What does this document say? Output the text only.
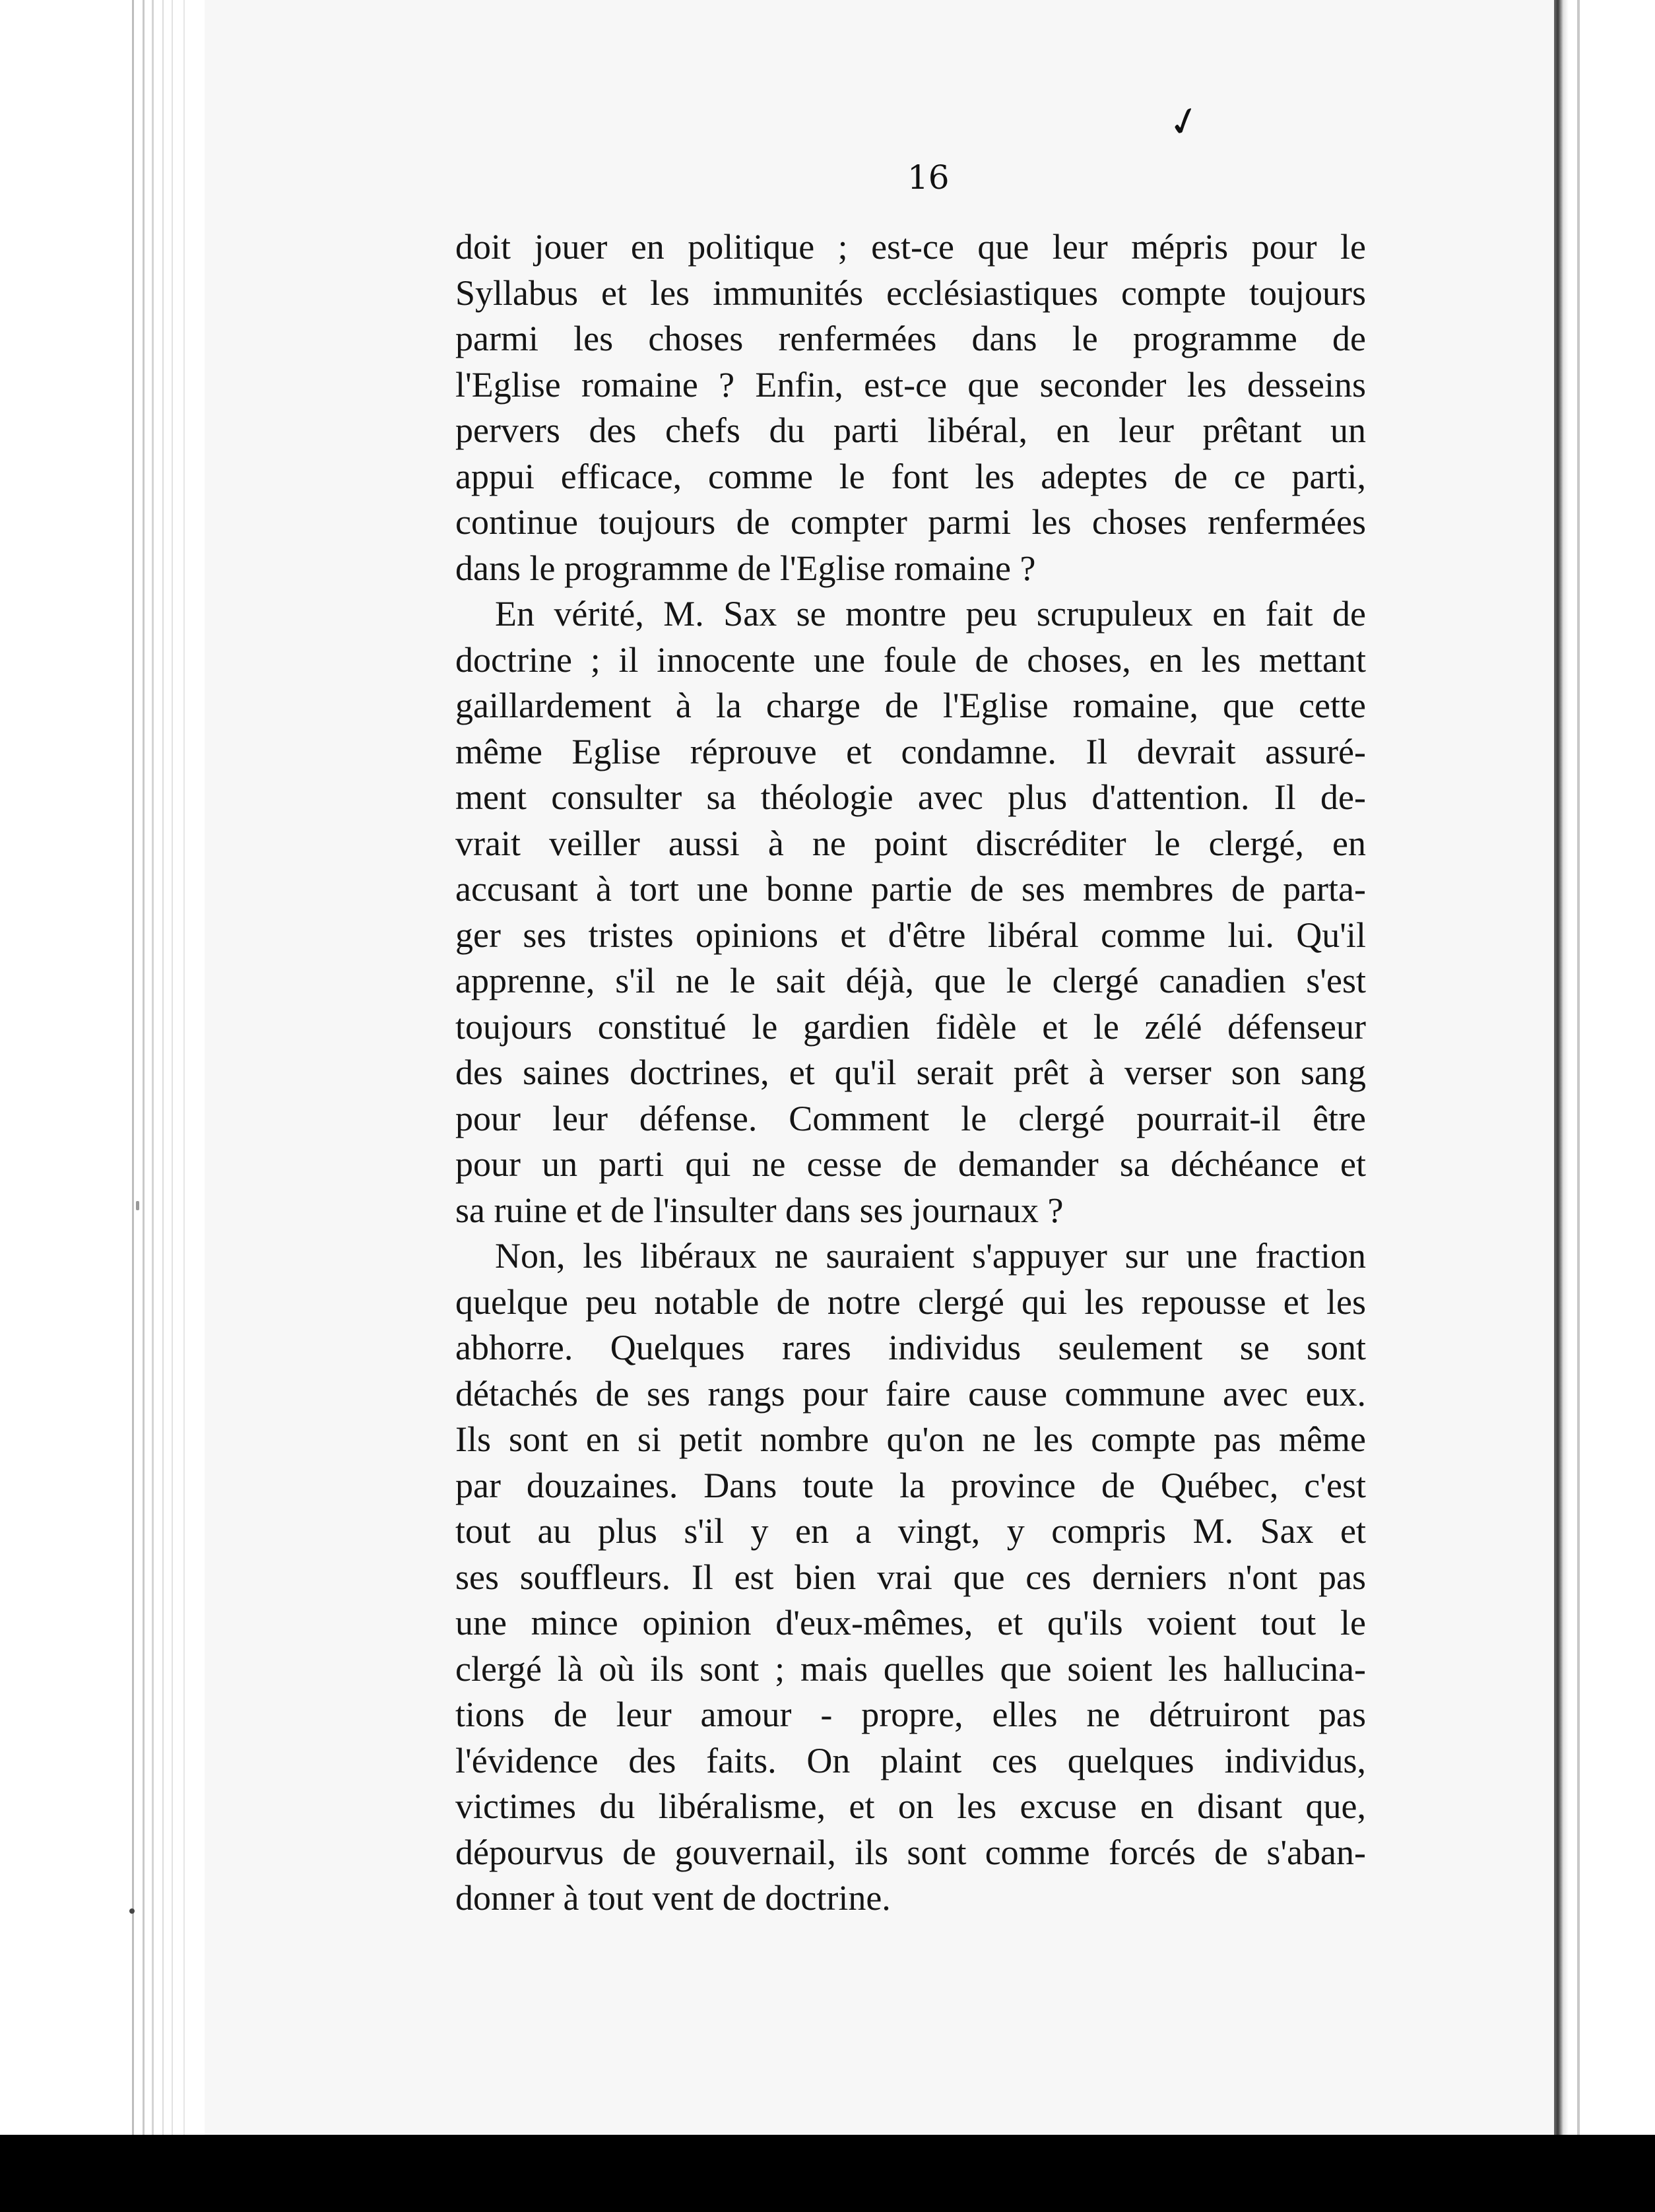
✓
16
doit jouer en politique ; est-ce que leur mépris pour le
Syllabus et les immunités ecclésiastiques compte toujours
parmi les choses renfermées dans le programme de
l'Eglise romaine ? Enfin, est-ce que seconder les desseins
pervers des chefs du parti libéral, en leur prêtant un
appui efficace, comme le font les adeptes de ce parti,
continue toujours de compter parmi les choses renfermées
dans le programme de l'Eglise romaine ?
En vérité, M. Sax se montre peu scrupuleux en fait de
doctrine ; il innocente une foule de choses, en les mettant
gaillardement à la charge de l'Eglise romaine, que cette
même Eglise réprouve et condamne. Il devrait assuré-
ment consulter sa théologie avec plus d'attention. Il de-
vrait veiller aussi à ne point discréditer le clergé, en
accusant à tort une bonne partie de ses membres de parta-
ger ses tristes opinions et d'être libéral comme lui. Qu'il
apprenne, s'il ne le sait déjà, que le clergé canadien s'est
toujours constitué le gardien fidèle et le zélé défenseur
des saines doctrines, et qu'il serait prêt à verser son sang
pour leur défense. Comment le clergé pourrait-il être
pour un parti qui ne cesse de demander sa déchéance et
sa ruine et de l'insulter dans ses journaux ?
Non, les libéraux ne sauraient s'appuyer sur une fraction
quelque peu notable de notre clergé qui les repousse et les
abhorre. Quelques rares individus seulement se sont
détachés de ses rangs pour faire cause commune avec eux.
Ils sont en si petit nombre qu'on ne les compte pas même
par douzaines. Dans toute la province de Québec, c'est
tout au plus s'il y en a vingt, y compris M. Sax et
ses souffleurs. Il est bien vrai que ces derniers n'ont pas
une mince opinion d'eux-mêmes, et qu'ils voient tout le
clergé là où ils sont ; mais quelles que soient les hallucina-
tions de leur amour - propre, elles ne détruiront pas
l'évidence des faits. On plaint ces quelques individus,
victimes du libéralisme, et on les excuse en disant que,
dépourvus de gouvernail, ils sont comme forcés de s'aban-
donner à tout vent de doctrine.
